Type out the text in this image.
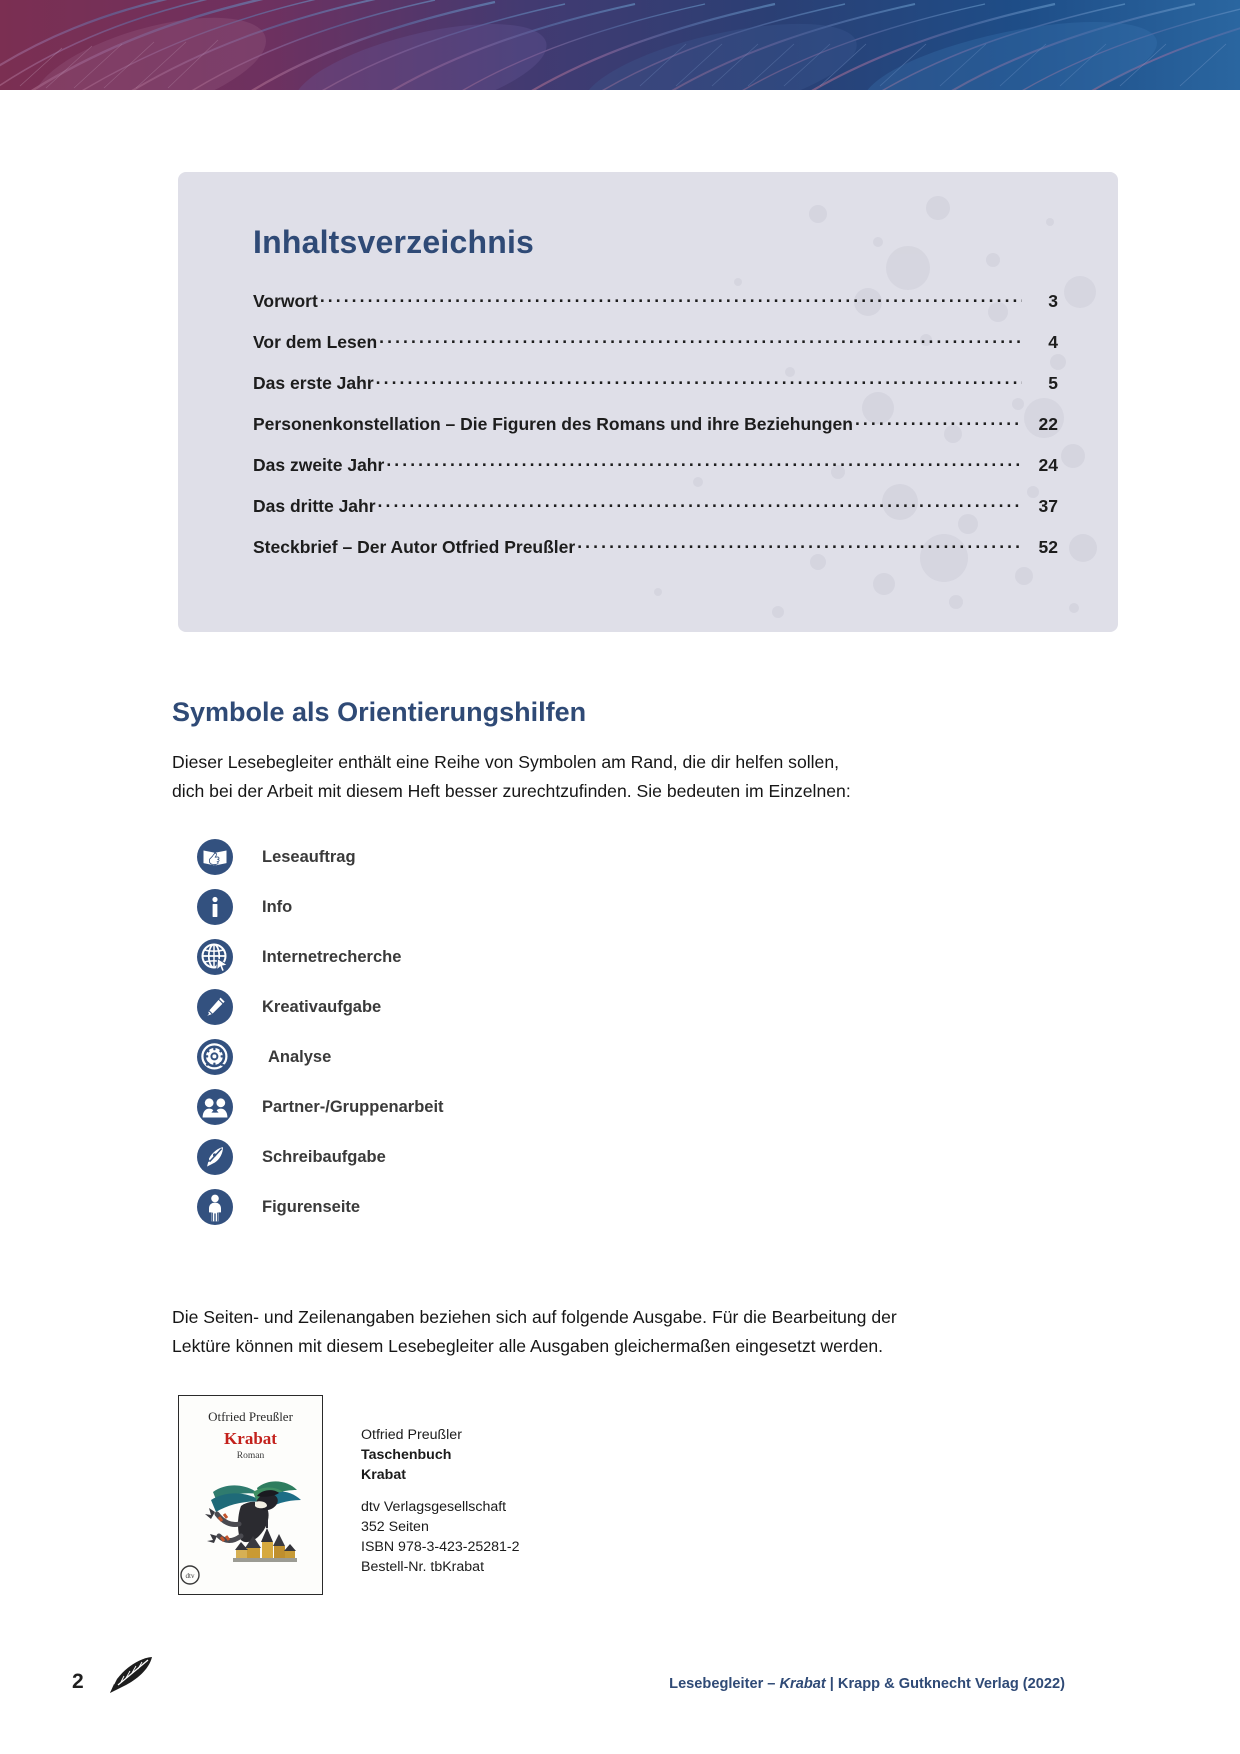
Inhaltsverzeichnis
Vorwort .....	3
Vor dem Lesen .....	4
Das erste Jahr .....	5
Personenkonstellation – Die Figuren des Romans und ihre Beziehungen .....	22
Das zweite Jahr .....	24
Das dritte Jahr .....	37
Steckbrief – Der Autor Otfried Preußler .....	52
Symbole als Orientierungshilfen
Dieser Lesebegleiter enthält eine Reihe von Symbolen am Rand, die dir helfen sollen,
dich bei der Arbeit mit diesem Heft besser zurechtzufinden. Sie bedeuten im Einzelnen:
Leseauftrag
Info
Internetrecherche
Kreativaufgabe
Analyse
Partner-/Gruppenarbeit
Schreibaufgabe
Figurenseite
Die Seiten- und Zeilenangaben beziehen sich auf folgende Ausgabe. Für die Bearbeitung der
Lektüre können mit diesem Lesebegleiter alle Ausgaben gleichermaßen eingesetzt werden.
Otfried Preußler
Krabat
Roman
dtv
Otfried Preußler
Taschenbuch
Krabat
dtv Verlagsgesellschaft
352 Seiten
ISBN 978-3-423-25281-2
Bestell-Nr. tbKrabat
2	Lesebegleiter – Krabat | Krapp & Gutknecht Verlag (2022)
